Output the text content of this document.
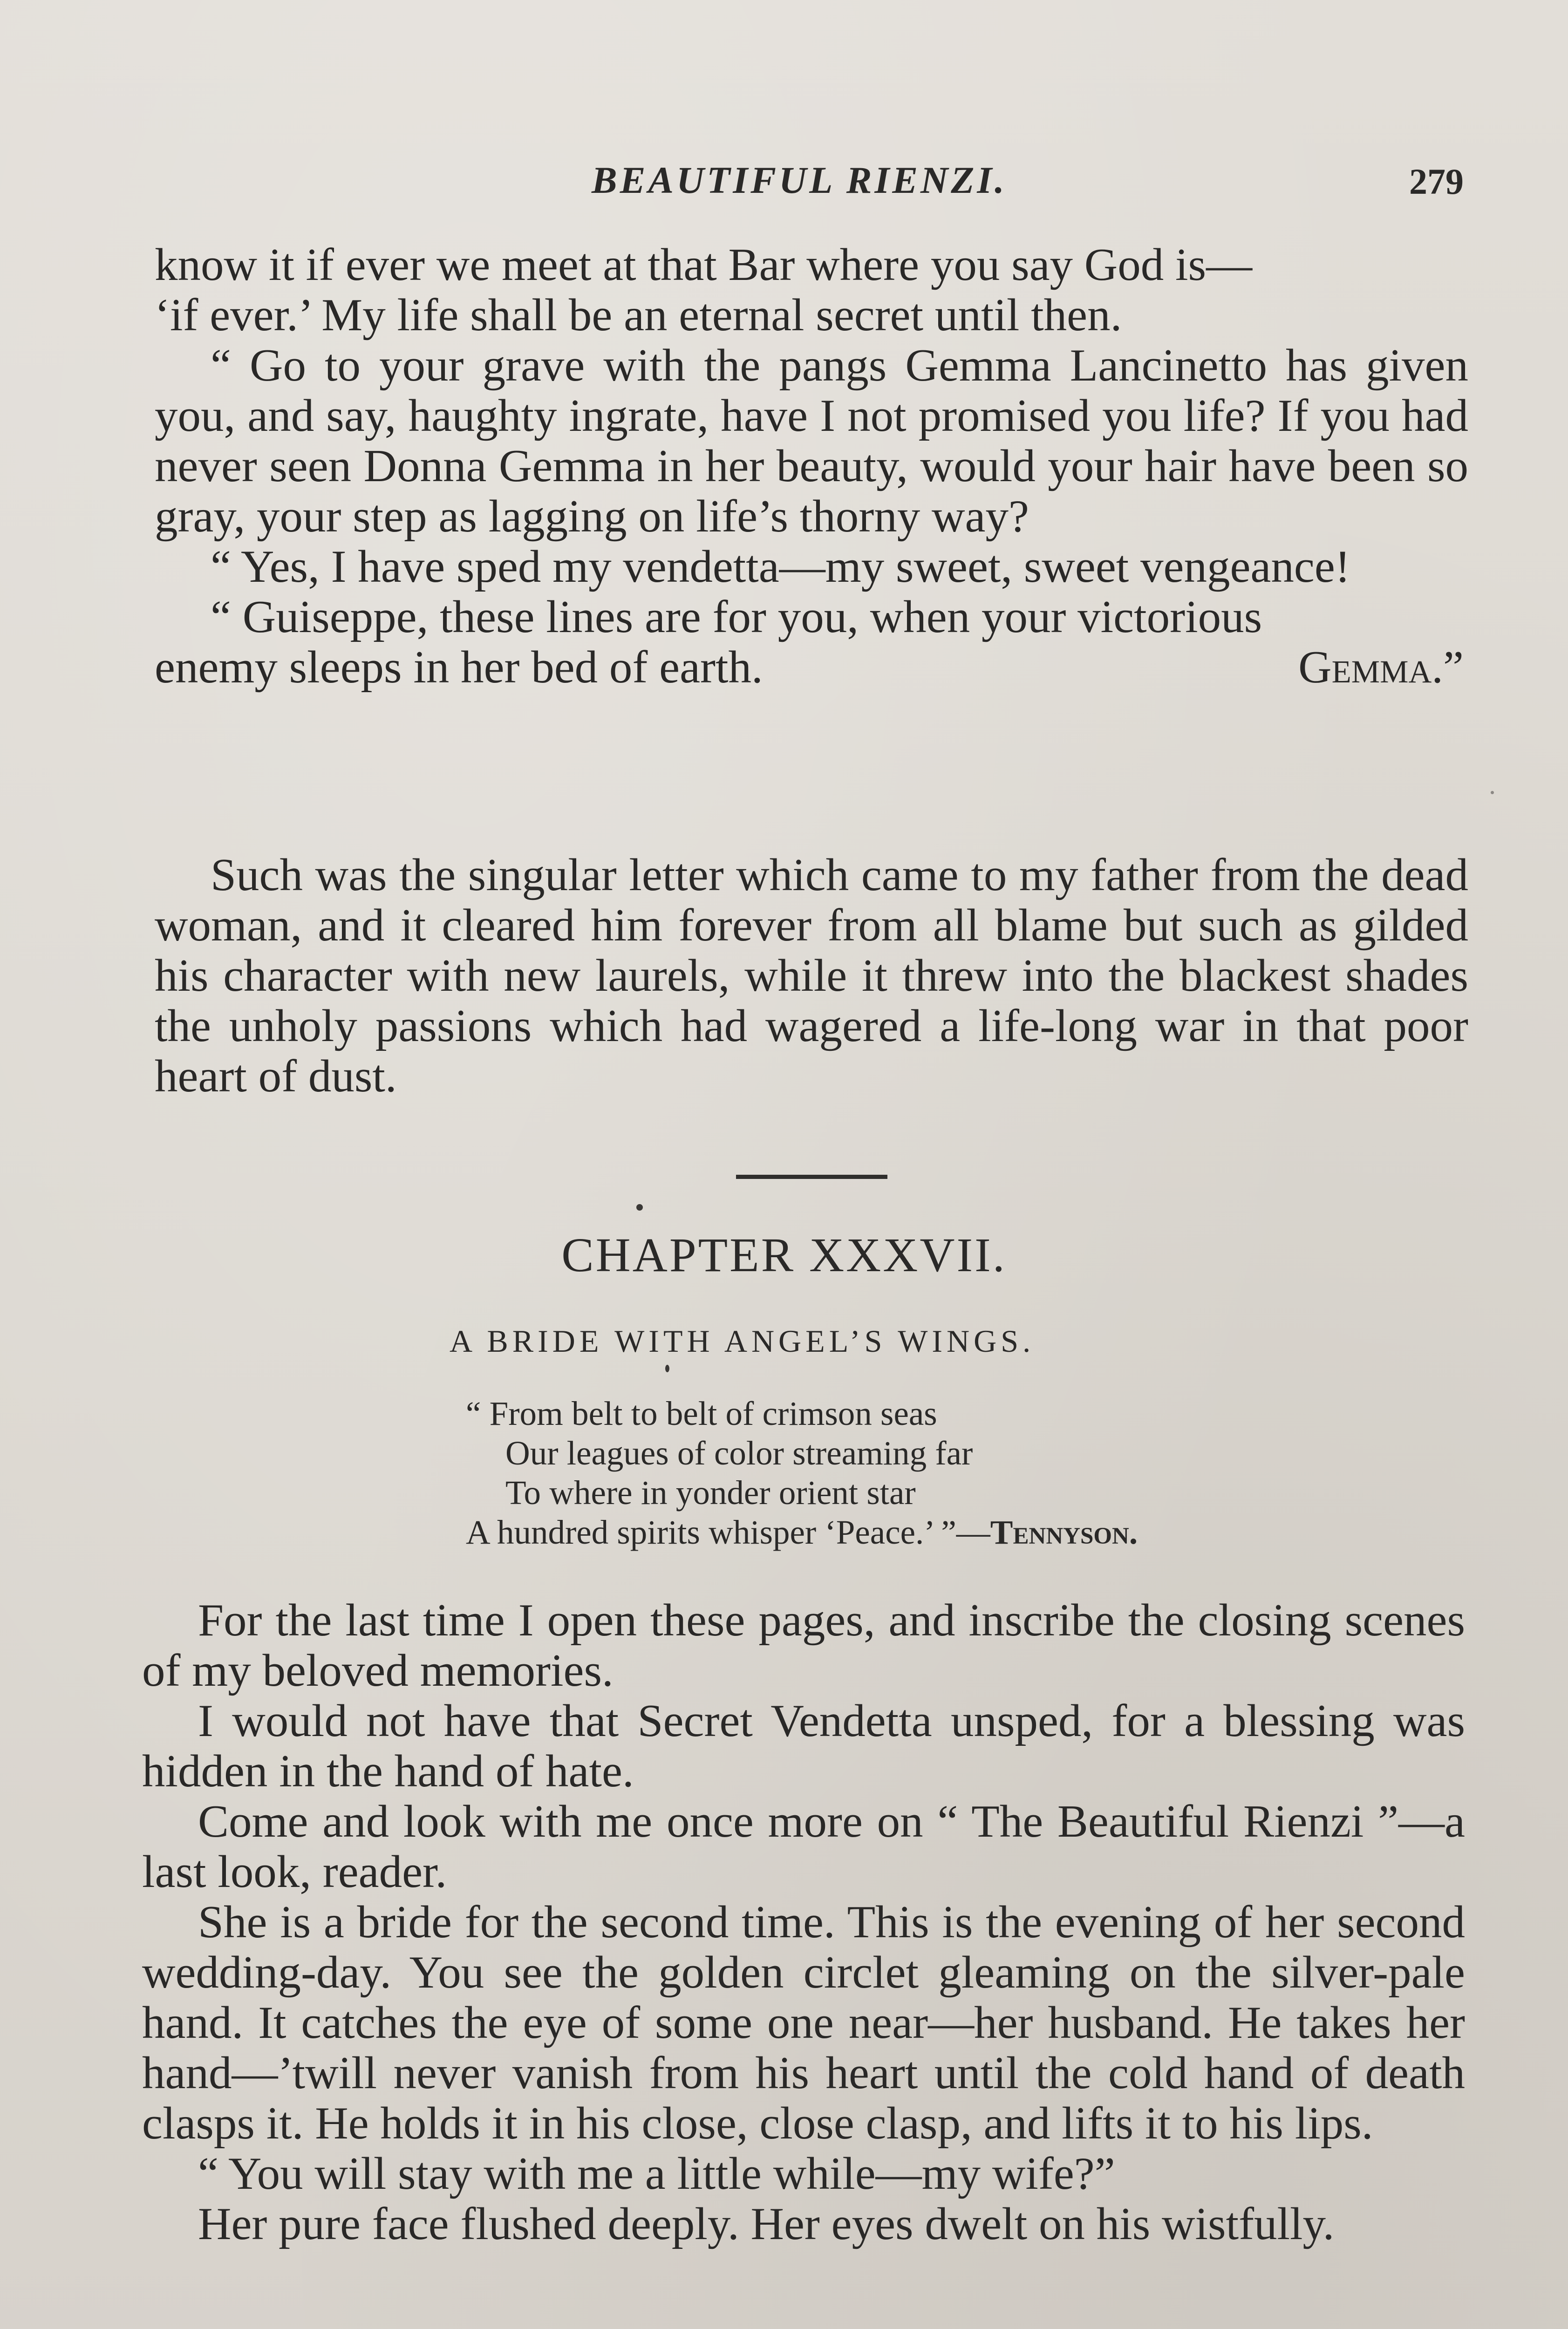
BEAUTIFUL RIENZI.	279

know it if ever we meet at that Bar where you say God is—

‘if ever.’ My life shall be an eternal secret until then.

“ Go to your grave with the pangs Gemma Lancinetto has given you, and say, haughty ingrate, have I not promised you life? If you had never seen Donna Gemma in her beauty, would your hair have been so gray, your step as lagging on life’s thorny way?

“ Yes, I have sped my vendetta—my sweet, sweet vengeance!

“ Guiseppe, these lines are for you, when your victorious

enemy sleeps in her bed of earth.	Gemma.”

Such was the singular letter which came to my father from the dead woman, and it cleared him forever from all blame but such as gilded his character with new laurels, while it threw into the blackest shades the unholy passions which had wagered a life-long war in that poor heart of dust.

CHAPTER XXXVII.
A BRIDE WITH ANGEL’S WINGS.
“ From belt to belt of crimson seas
Our leagues of color streaming far
To where in yonder orient star
A hundred spirits whisper ‘Peace.’ ”—Tennyson.

For the last time I open these pages, and inscribe the closing scenes of my beloved memories.

I would not have that Secret Vendetta unsped, for a blessing was hidden in the hand of hate.

Come and look with me once more on “ The Beautiful Rienzi ”—a last look, reader.

She is a bride for the second time. This is the evening of her second wedding-day. You see the golden circlet gleaming on the silver-pale hand. It catches the eye of some one near—her husband. He takes her hand—’twill never vanish from his heart until the cold hand of death clasps it. He holds it in his close, close clasp, and lifts it to his lips.

“ You will stay with me a little while—my wife?”

Her pure face flushed deeply. Her eyes dwelt on his wistfully.
